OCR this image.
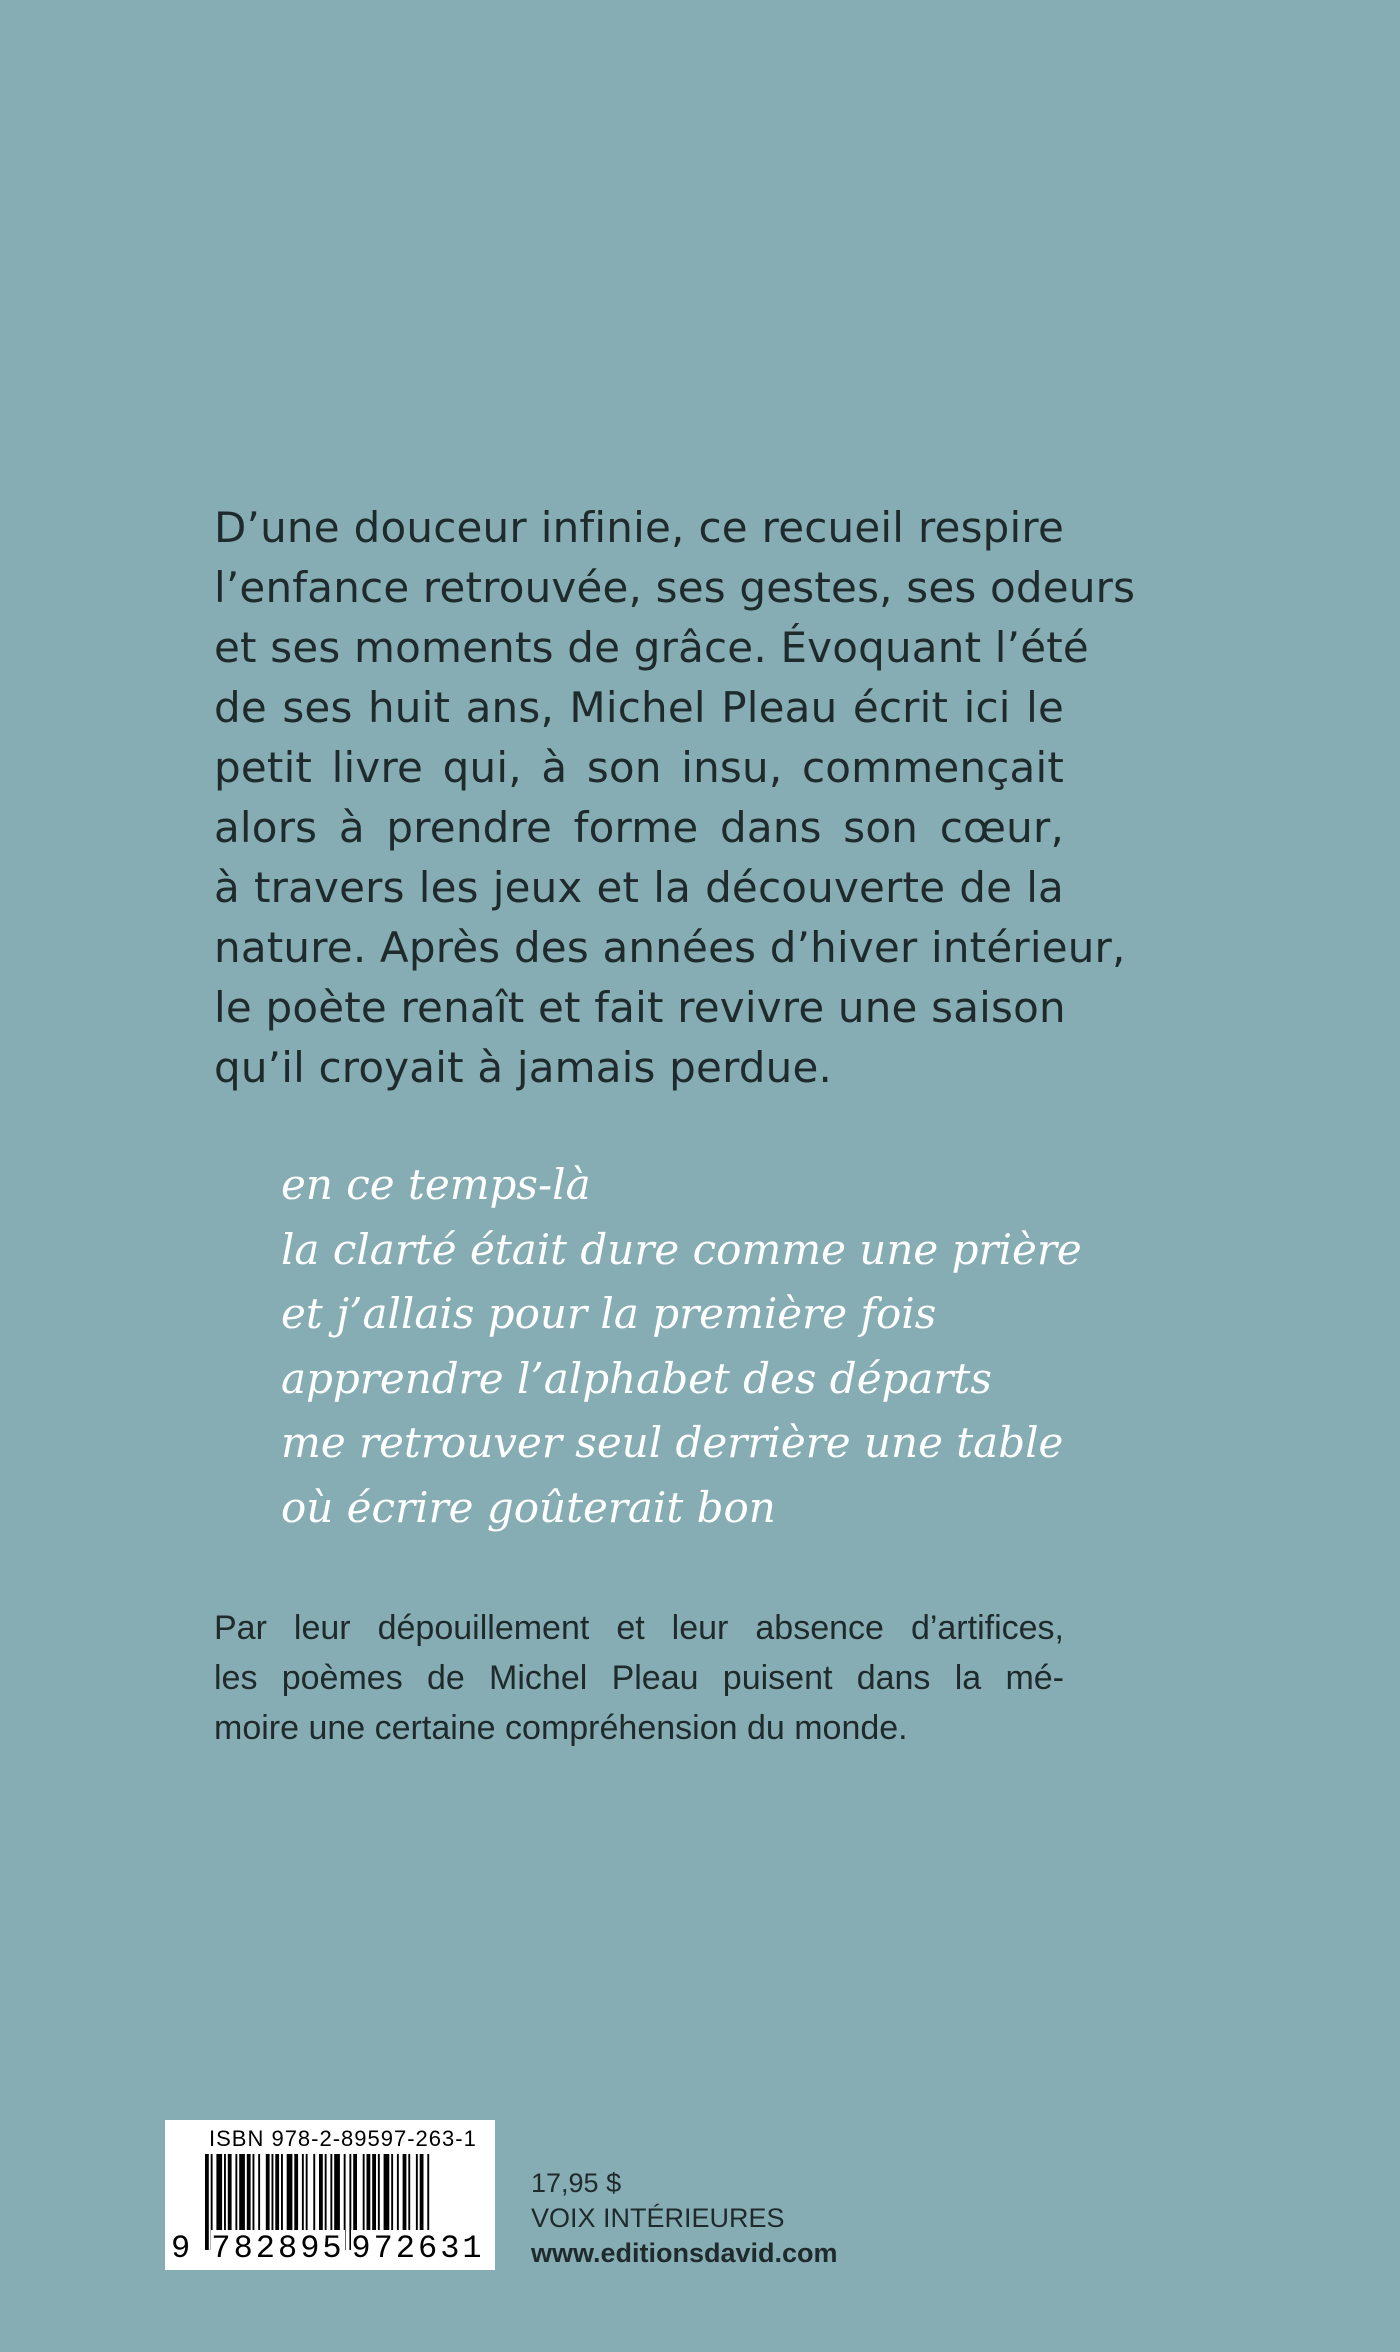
D’une douceur infinie, ce recueil respire
l’enfance retrouvée, ses gestes, ses odeurs
et ses moments de grâce. Évoquant l’été
de ses huit ans, Michel Pleau écrit ici le
petit livre qui, à son insu, commençait
alors à prendre forme dans son cœur,
à travers les jeux et la découverte de la
nature. Après des années d’hiver intérieur,
le poète renaît et fait revivre une saison
qu’il croyait à jamais perdue.
en ce temps-là
la clarté était dure comme une prière
et j’allais pour la première fois
apprendre l’alphabet des départs
me retrouver seul derrière une table
où écrire goûterait bon
Par leur dépouillement et leur absence d’artifices,
les poèmes de Michel Pleau puisent dans la mé-
moire une certaine compréhension du monde.
ISBN 978-2-89597-263-1
9 782895 972631
17,95 $
VOIX INTÉRIEURES
www.editionsdavid.com
